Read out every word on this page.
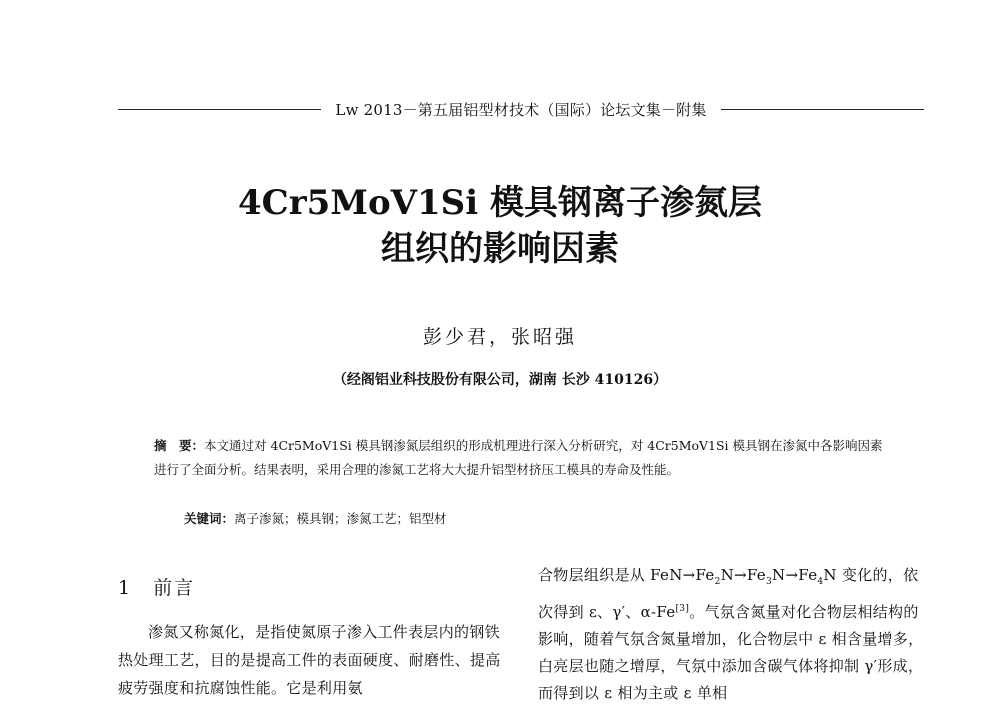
Lw 2013－第五届铝型材技术（国际）论坛文集－附集
4Cr5MoV1Si 模具钢离子渗氮层
组织的影响因素
彭少君，张昭强
（经阁铝业科技股份有限公司，湖南 长沙 410126）
摘　要：本文通过对 4Cr5MoV1Si 模具钢渗氮层组织的形成机理进行深入分析研究，对 4Cr5MoV1Si 模具钢在渗氮中各影响因素进行了全面分析。结果表明，采用合理的渗氮工艺将大大提升铝型材挤压工模具的寿命及性能。
关键词：离子渗氮；模具钢；渗氮工艺；铝型材
1　前言

渗氮又称氮化，是指使氮原子渗入工件表层内的钢铁热处理工艺，目的是提高工件的表面硬度、耐磨性、提高疲劳强度和抗腐蚀性能。它是利用氨

合物层组织是从 $FeN\to Fe_2N\to Fe_3N\to Fe_4N$ 变化的，依次得到 ε、γ′、α-Fe[3]。气氛含氮量对化合物层相结构的影响，随着气氛含氮量增加，化合物层中 ε 相含量增多，白亮层也随之增厚，气氛中添加含碳气体将抑制 γ′形成，而得到以 ε 相为主或 ε 单相
